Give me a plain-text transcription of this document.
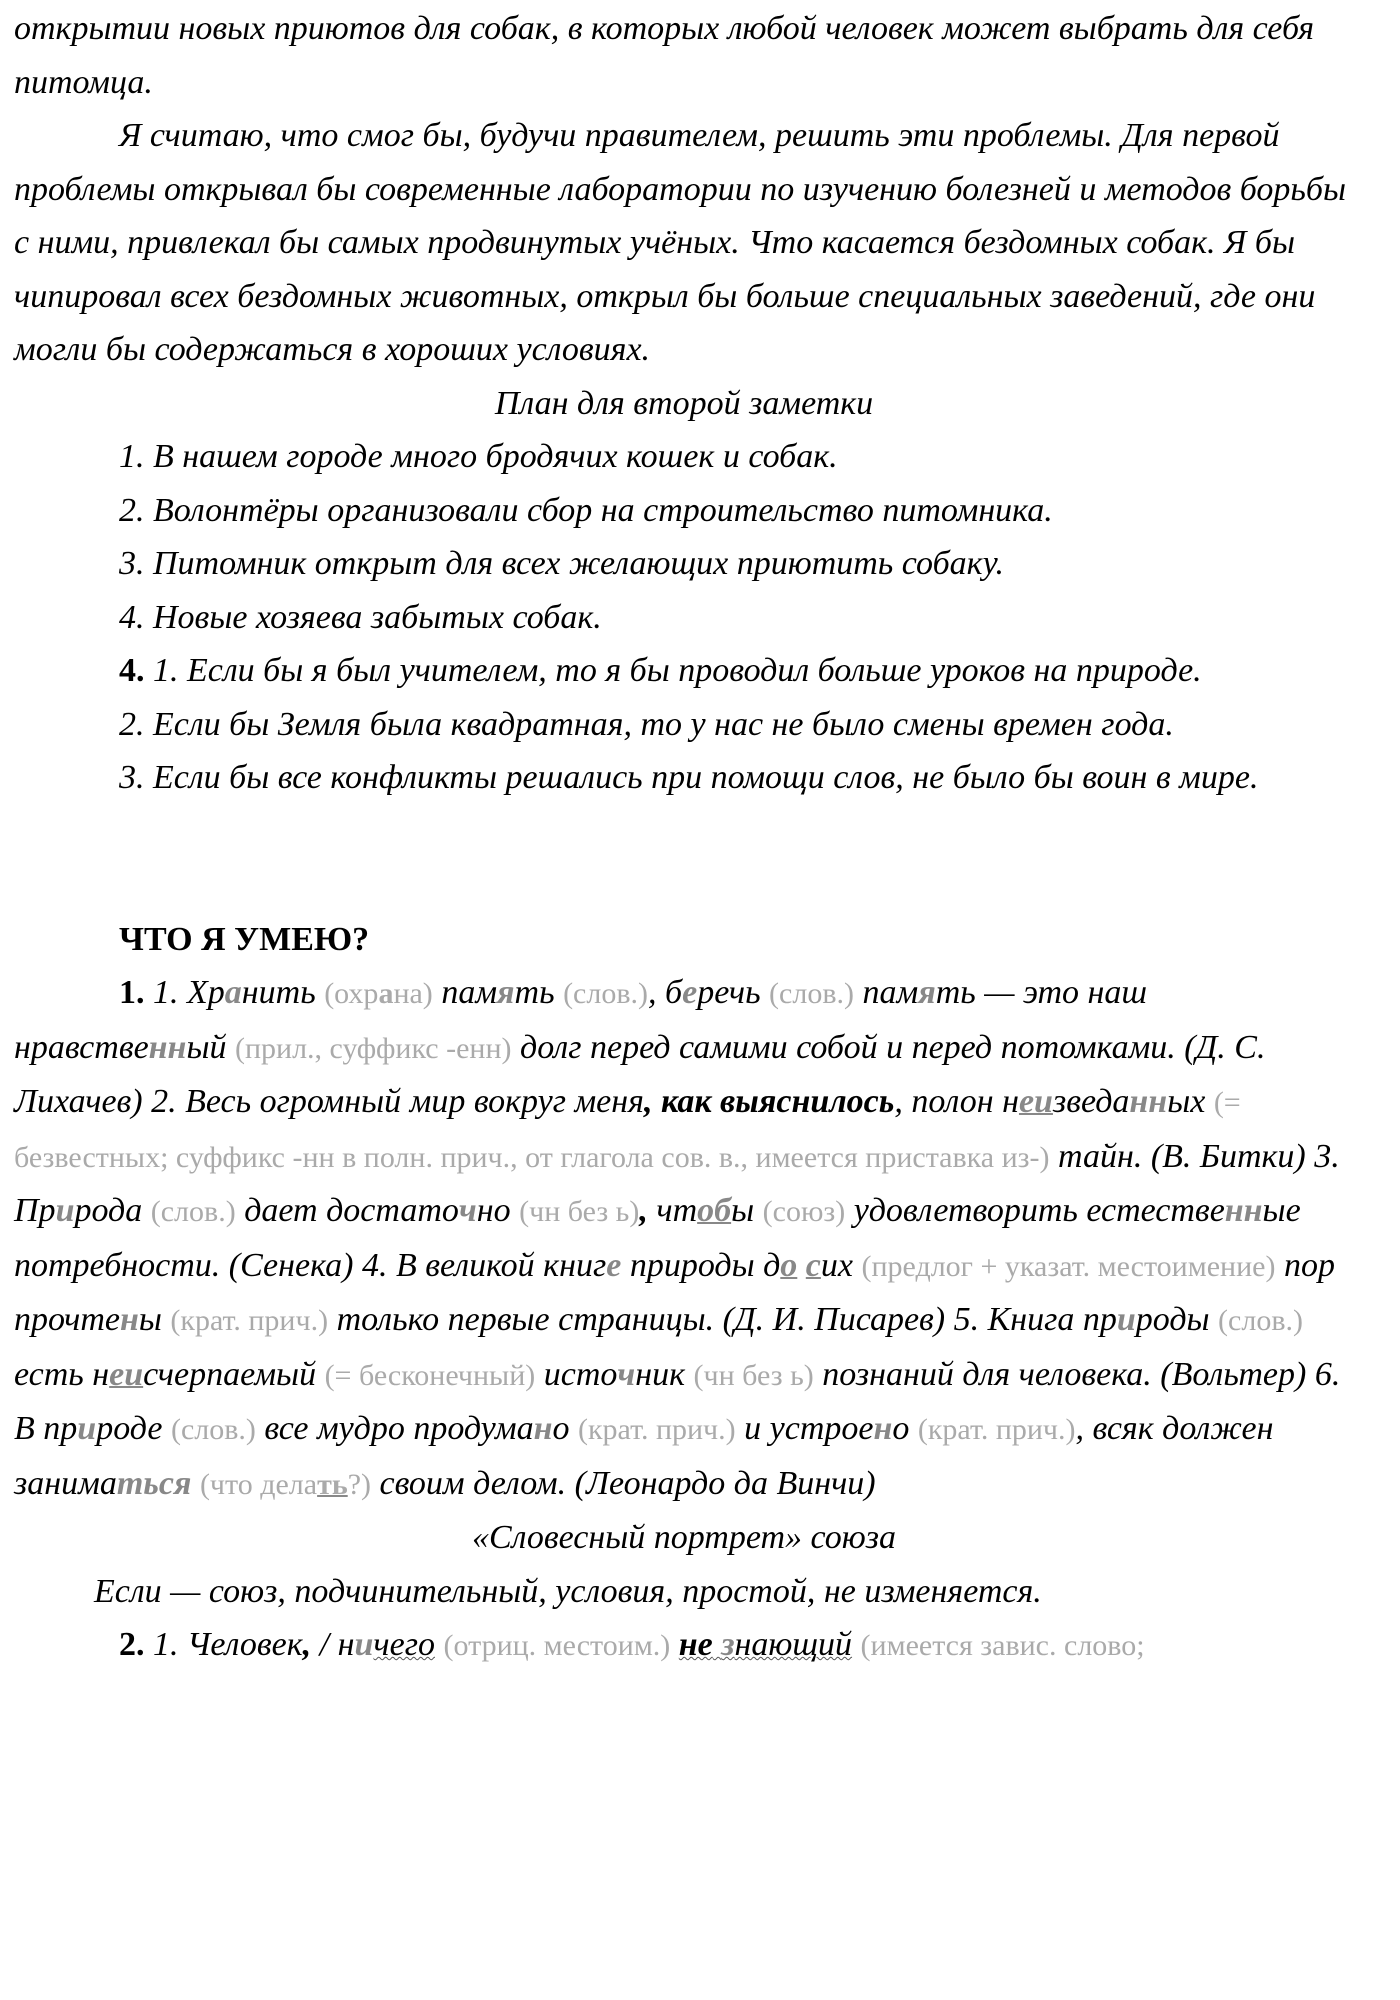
открытии новых приютов для собак, в которых любой человек может выбрать для себя питомца.

Я считаю, что смог бы, будучи правителем, решить эти проблемы. Для первой проблемы открывал бы современные лаборатории по изучению болезней и методов борьбы с ними, привлекал бы самых продвинутых учёных. Что касается бездомных собак. Я бы чипировал всех бездомных животных, открыл бы больше специальных заведений, где они могли бы содержаться в хороших условиях.

План для второй заметки

1. В нашем городе много бродячих кошек и собак.

2. Волонтёры организовали сбор на строительство питомника.

3. Питомник открыт для всех желающих приютить собаку.

4. Новые хозяева забытых собак.

4. 1. Если бы я был учителем, то я бы проводил больше уроков на природе.

2. Если бы Земля была квадратная, то у нас не было смены времен года.

3. Если бы все конфликты решались при помощи слов, не было бы воин в мире.

ЧТО Я УМЕЮ?

1. 1. Хранить (охрана) память (слов.), беречь (слов.) память — это наш нравственный (прил., суффикс -енн) долг перед самими собой и перед потомками. (Д. С. Лихачев) 2. Весь огромный мир вокруг меня, как выяснилось, полон неизведанных (= безвестных; суффикс -нн в полн. прич., от глагола сов. в., имеется приставка из-) тайн. (В. Битки) 3. Природа (слов.) дает достаточно (чн без ь), чтобы (союз) удовлетворить естественные потребности. (Сенека) 4. В великой книге природы до сих (предлог + указат. местоимение) пор прочтены (крат. прич.) только первые страницы. (Д. И. Писарев) 5. Книга природы (слов.) есть неисчерпаемый (= бесконечный) источник (чн без ь) познаний для человека. (Вольтер) 6. В природе (слов.) все мудро продумано (крат. прич.) и устроено (крат. прич.), всяк должен заниматься (что делать?) своим делом. (Леонардо да Винчи)

«Словесный портрет» союза

Если — союз, подчинительный, условия, простой, не изменяется.

2. 1. Человек, / ничего (отриц. местоим.) не знающий (имеется завис. слово;
